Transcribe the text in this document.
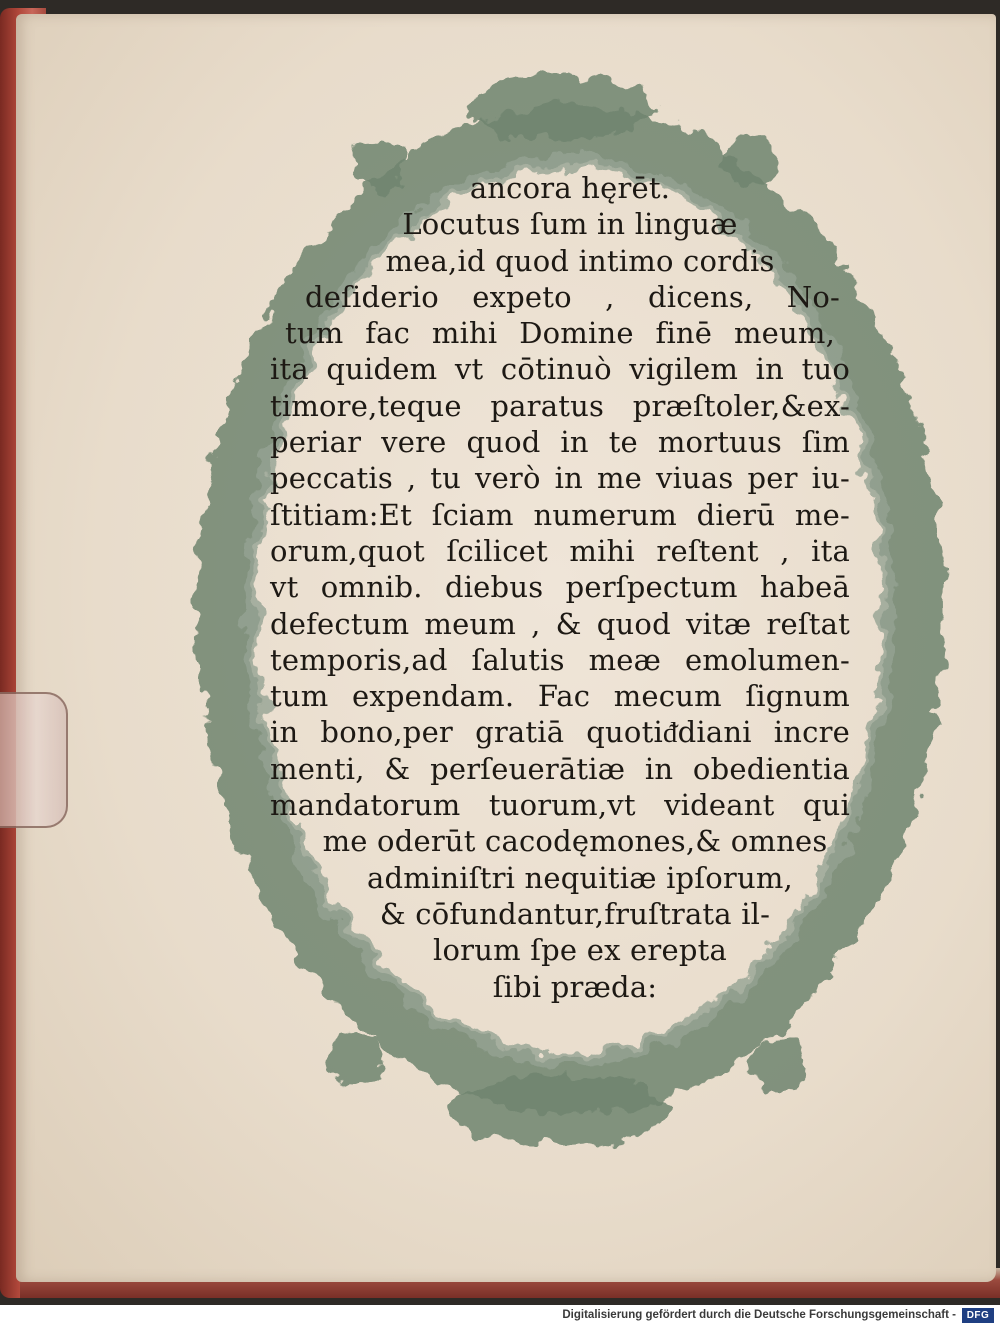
ancora hęrēt.
Locutus ſum in linguæ
mea,id quod intimo cordis
deſiderio expeto , dicens, No-
tum fac mihi Domine finē meum,
ita quidem vt cōtinuò vigilem in tuo
timore,teque paratus præſtoler,&ex-
periar vere quod in te mortuus ſim
peccatis , tu verò in me viuas per iu-
ſtitiam:Et ſciam numerum dierū me-
orum,quot ſcilicet mihi reſtent , ita
vt omnib. diebus perſpectum habeā
defectum meum , & quod vitæ reſtat
temporis,ad ſalutis meæ emolumen-
tum expendam. Fac mecum ſignum
in bono,per gratiā quotiᵭdiani incre
menti, & perſeuerātiæ in obedientia
mandatorum tuorum,vt videant qui
me oderūt cacodęmones,& omnes
adminiſtri nequitiæ ipſorum,
& cōfundantur,fruſtrata il-
lorum ſpe ex erepta
ſibi præda:
Digitalisierung gefördert durch die Deutsche Forschungsgemeinschaft -	DFG
